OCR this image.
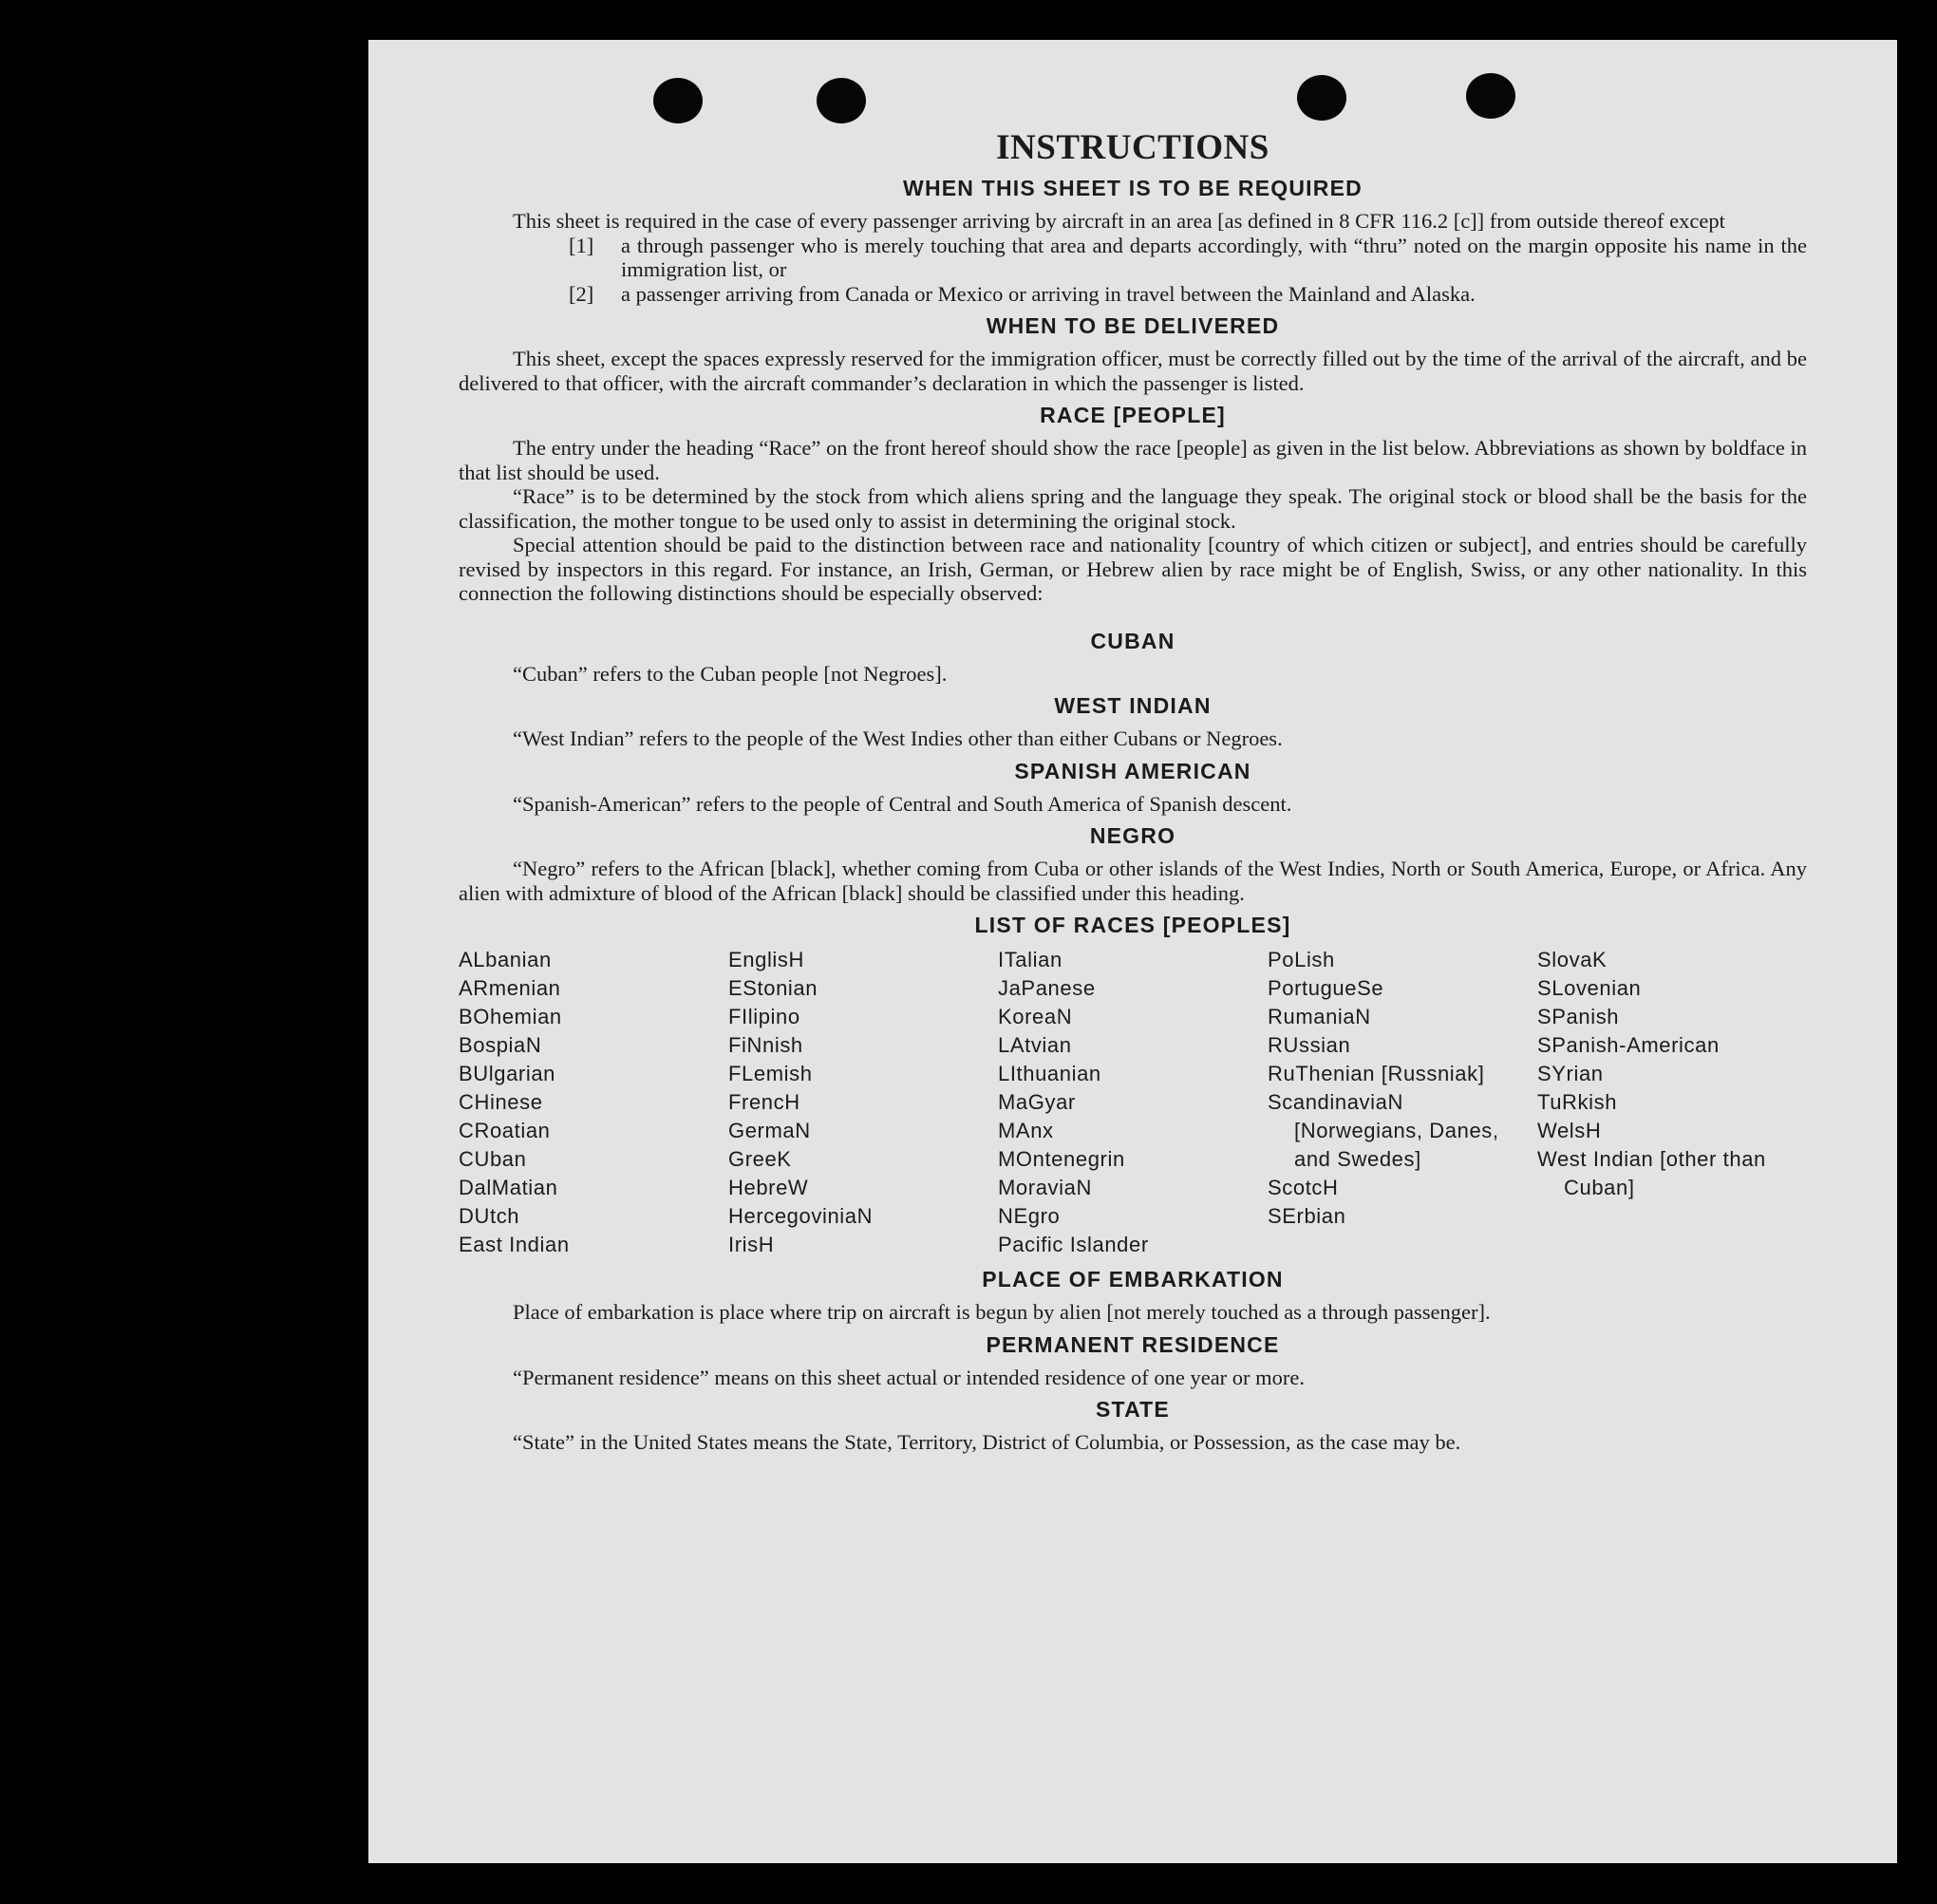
INSTRUCTIONS
WHEN THIS SHEET IS TO BE REQUIRED

This sheet is required in the case of every passenger arriving by aircraft in an area [as defined in 8 CFR 116.2 [c]] from outside thereof except

[1]	a through passenger who is merely touching that area and departs accordingly, with “thru” noted on the margin opposite his name in the immigration list, or
[2]	a passenger arriving from Canada or Mexico or arriving in travel between the Mainland and Alaska.
WHEN TO BE DELIVERED

This sheet, except the spaces expressly reserved for the immigration officer, must be correctly filled out by the time of the arrival of the aircraft, and be delivered to that officer, with the aircraft commander’s declaration in which the passenger is listed.

RACE [PEOPLE]

The entry under the heading “Race” on the front hereof should show the race [people] as given in the list below. Abbreviations as shown by boldface in that list should be used.

“Race” is to be determined by the stock from which aliens spring and the language they speak. The original stock or blood shall be the basis for the classification, the mother tongue to be used only to assist in determining the original stock.

Special attention should be paid to the distinction between race and nationality [country of which citizen or subject], and entries should be carefully revised by inspectors in this regard. For instance, an Irish, German, or Hebrew alien by race might be of English, Swiss, or any other nationality. In this connection the following distinctions should be especially observed:

CUBAN

“Cuban” refers to the Cuban people [not Negroes].

WEST INDIAN

“West Indian” refers to the people of the West Indies other than either Cubans or Negroes.

SPANISH AMERICAN

“Spanish-American” refers to the people of Central and South America of Spanish descent.

NEGRO

“Negro” refers to the African [black], whether coming from Cuba or other islands of the West Indies, North or South America, Europe, or Africa. Any alien with admixture of blood of the African [black] should be classified under this heading.

LIST OF RACES [PEOPLES]
ALbanian
ARmenian
BOhemian
BospiaN
BUlgarian
CHinese
CRoatian
CUban
DalMatian
DUtch
East Indian
EnglisH
EStonian
FIlipino
FiNnish
FLemish
FrencH
GermaN
GreeK
HebreW
HercegoviniaN
IrisH
ITalian
JaPanese
KoreaN
LAtvian
LIthuanian
MaGyar
MAnx
MOntenegrin
MoraviaN
NEgro
Pacific Islander
PoLish
PortugueSe
RumaniaN
RUssian
RuThenian [Russniak]
ScandinaviaN [Norwegians, Danes, and Swedes]
ScotcH
SErbian
SlovaK
SLovenian
SPanish
SPanish-American
SYrian
TuRkish
WelsH
West Indian [other than Cuban]
PLACE OF EMBARKATION

Place of embarkation is place where trip on aircraft is begun by alien [not merely touched as a through passenger].

PERMANENT RESIDENCE

“Permanent residence” means on this sheet actual or intended residence of one year or more.

STATE

“State” in the United States means the State, Territory, District of Columbia, or Possession, as the case may be.
